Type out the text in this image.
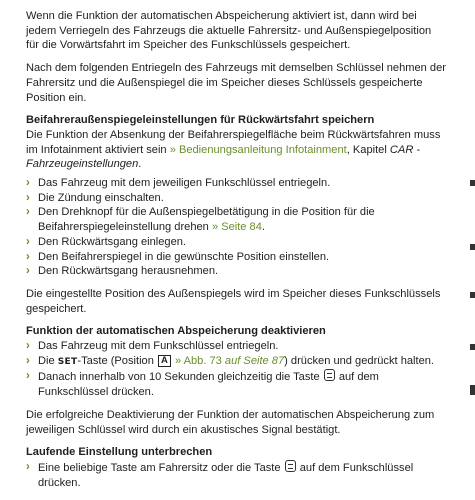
Wenn die Funktion der automatischen Abspeicherung aktiviert ist, dann wird bei jedem Verriegeln des Fahrzeugs die aktuelle Fahrersitz- und Außenspiegelposition für die Vorwärtsfahrt im Speicher des Funkschlüssels gespeichert.

Nach dem folgenden Entriegeln des Fahrzeugs mit demselben Schlüssel nehmen der Fahrersitz und die Außenspiegel die im Speicher dieses Schlüssels gespeicherte Position ein.

Beifahreraußenspiegeleinstellungen für Rückwärtsfahrt speichern

Die Funktion der Absenkung der Beifahrerspiegelfläche beim Rückwärtsfahren muss im Infotainment aktiviert sein » Bedienungsanleitung Infotainment, Kapitel CAR - Fahrzeugeinstellungen.

› Das Fahrzeug mit dem jeweiligen Funkschlüssel entriegeln.
› Die Zündung einschalten.
› Den Drehknopf für die Außenspiegelbetätigung in die Position für die Beifahrerspiegeleinstellung drehen » Seite 84.
› Den Rückwärtsgang einlegen.
› Den Beifahrerspiegel in die gewünschte Position einstellen.
› Den Rückwärtsgang herausnehmen.

Die eingestellte Position des Außenspiegels wird im Speicher dieses Funkschlüssels gespeichert.

Funktion der automatischen Abspeicherung deaktivieren
› Das Fahrzeug mit dem Funkschlüssel entriegeln.
› Die SET-Taste (Position A » Abb. 73 auf Seite 87) drücken und gedrückt halten.
› Danach innerhalb von 10 Sekunden gleichzeitig die Taste auf dem Funkschlüssel drücken.

Die erfolgreiche Deaktivierung der Funktion der automatischen Abspeicherung zum jeweiligen Schlüssel wird durch ein akustisches Signal bestätigt.

Laufende Einstellung unterbrechen
› Eine beliebige Taste am Fahrersitz oder die Taste auf dem Funkschlüssel drücken.
